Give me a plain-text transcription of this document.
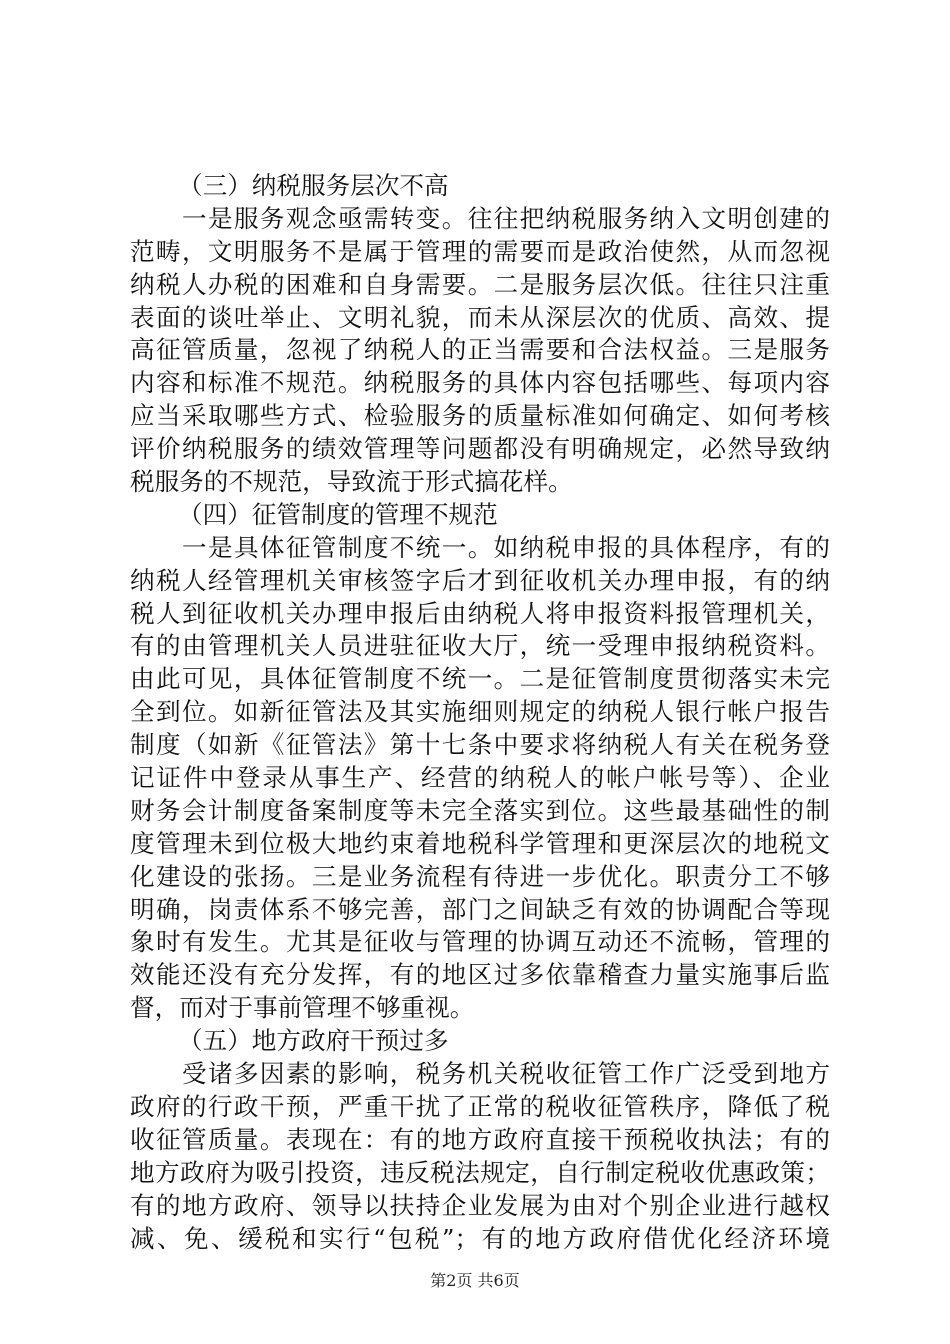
（三）纳税服务层次不高
一是服务观念亟需转变。往往把纳税服务纳入文明创建的
范畴，文明服务不是属于管理的需要而是政治使然，从而忽视
纳税人办税的困难和自身需要。二是服务层次低。往往只注重
表面的谈吐举止、文明礼貌，而未从深层次的优质、高效、提
高征管质量，忽视了纳税人的正当需要和合法权益。三是服务
内容和标准不规范。纳税服务的具体内容包括哪些、每项内容
应当采取哪些方式、检验服务的质量标准如何确定、如何考核
评价纳税服务的绩效管理等问题都没有明确规定，必然导致纳
税服务的不规范，导致流于形式搞花样。
（四）征管制度的管理不规范
一是具体征管制度不统一。如纳税申报的具体程序，有的
纳税人经管理机关审核签字后才到征收机关办理申报，有的纳
税人到征收机关办理申报后由纳税人将申报资料报管理机关，
有的由管理机关人员进驻征收大厅，统一受理申报纳税资料。
由此可见，具体征管制度不统一。二是征管制度贯彻落实未完
全到位。如新征管法及其实施细则规定的纳税人银行帐户报告
制度（如新《征管法》第十七条中要求将纳税人有关在税务登
记证件中登录从事生产、经营的纳税人的帐户帐号等）、企业
财务会计制度备案制度等未完全落实到位。这些最基础性的制
度管理未到位极大地约束着地税科学管理和更深层次的地税文
化建设的张扬。三是业务流程有待进一步优化。职责分工不够
明确，岗责体系不够完善，部门之间缺乏有效的协调配合等现
象时有发生。尤其是征收与管理的协调互动还不流畅，管理的
效能还没有充分发挥，有的地区过多依靠稽查力量实施事后监
督，而对于事前管理不够重视。
（五）地方政府干预过多
受诸多因素的影响，税务机关税收征管工作广泛受到地方
政府的行政干预，严重干扰了正常的税收征管秩序，降低了税
收征管质量。表现在：有的地方政府直接干预税收执法；有的
地方政府为吸引投资，违反税法规定，自行制定税收优惠政策；
有的地方政府、领导以扶持企业发展为由对个别企业进行越权
减、免、缓税和实行“包税”；有的地方政府借优化经济环境
第2页 共6页
